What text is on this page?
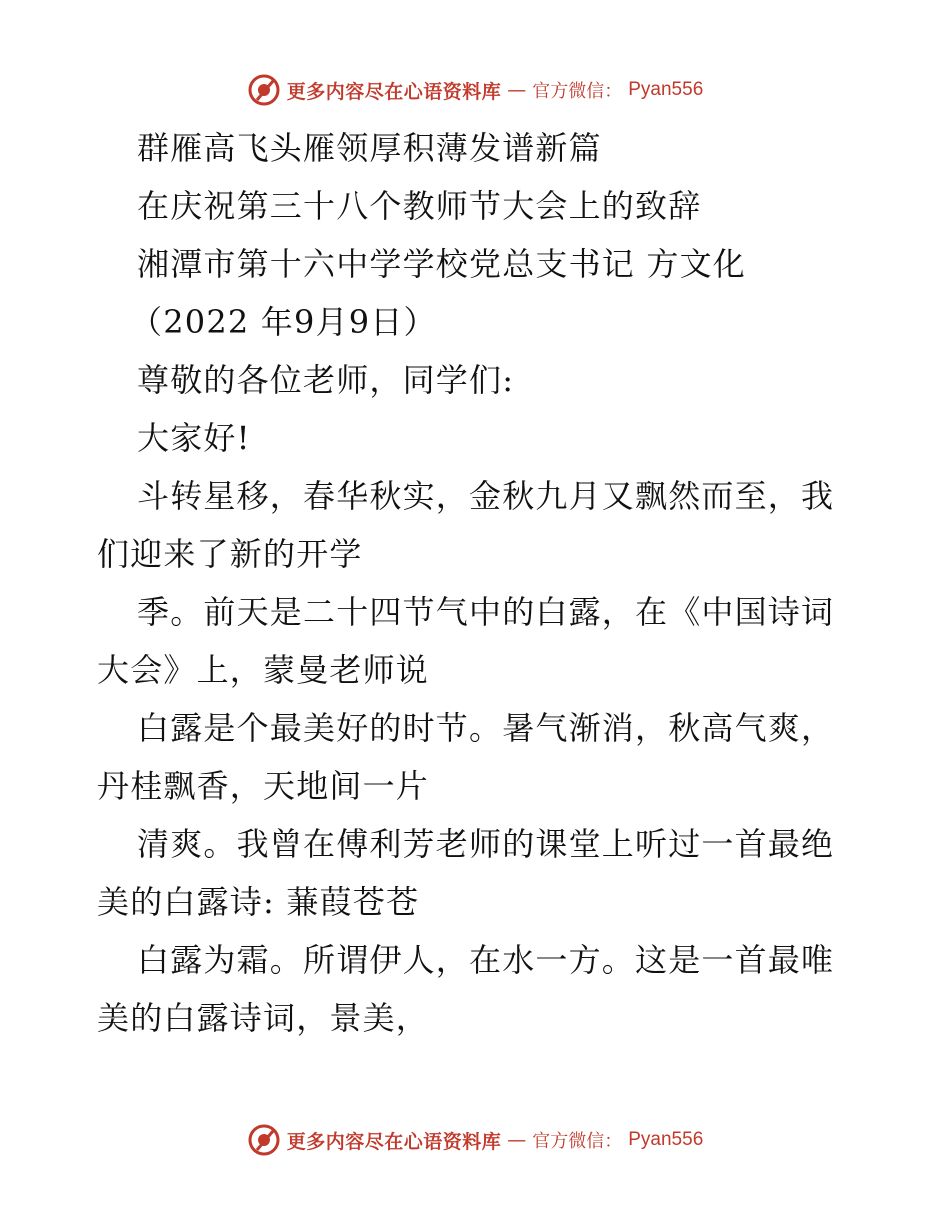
更多内容尽在心语资料库 — 官方微信： Pyan556

群雁高飞头雁领厚积薄发谱新篇

在庆祝第三十八个教师节大会上的致辞

湘潭市第十六中学学校党总支书记 方文化

（2022 年9月9日）

尊敬的各位老师，同学们:

大家好!

斗转星移，春华秋实，金秋九月又飘然而至，我

们迎来了新的开学

季。前天是二十四节气中的白露，在《中国诗词

大会》上，蒙曼老师说

白露是个最美好的时节。暑气渐消，秋高气爽，

丹桂飘香，天地间一片

清爽。我曾在傅利芳老师的课堂上听过一首最绝

美的白露诗: 蒹葭苍苍

白露为霜。所谓伊人，在水一方。这是一首最唯

美的白露诗词，景美，

更多内容尽在心语资料库 — 官方微信： Pyan556
